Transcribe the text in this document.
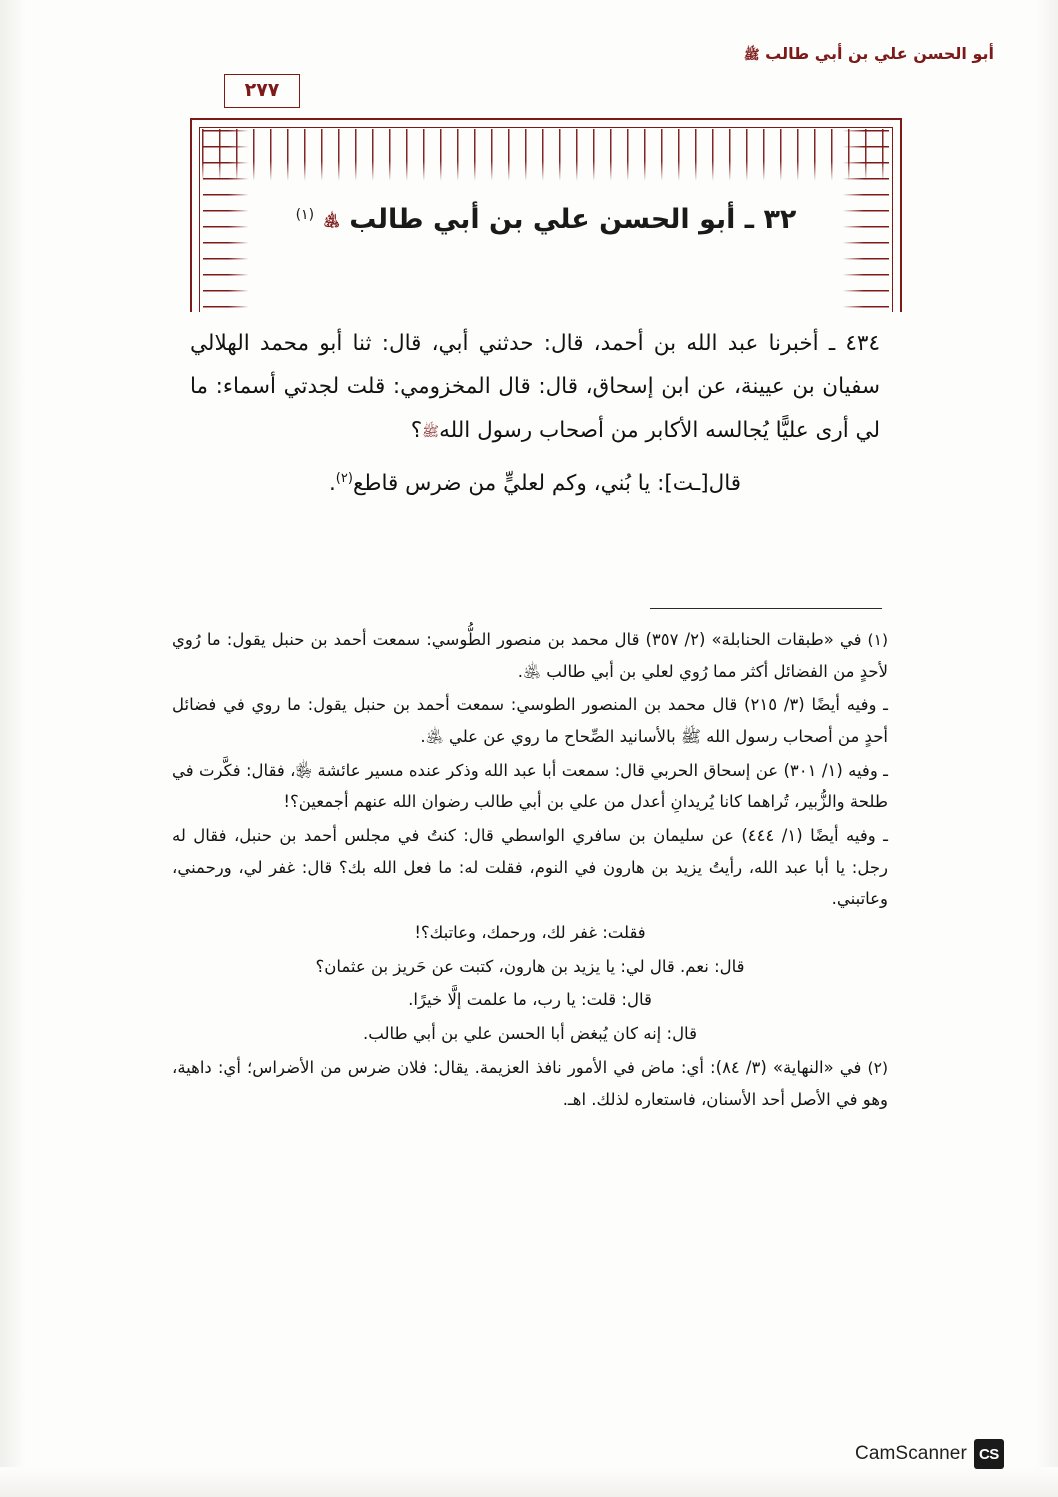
أبو الحسن علي بن أبي طالب ﷺ
٢٧٧
٣٢ ـ أبو الحسن علي بن أبي طالب ﵁ $^{(١)}$

٤٣٤ ـ أخبرنا عبد الله بن أحمد، قال: حدثني أبي، قال: ثنا أبو محمد الهلالي سفيان بن عيينة، عن ابن إسحاق، قال: قال المخزومي: قلت لجدتي أسماء: ما لي أرى عليًّا يُجالسه الأكابر من أصحاب رسول اللهﷺ؟

قال[ـت]: يا بُني، وكم لعليٍّ من ضرس قاطع$^{(٢)}$.

(١) في «طبقات الحنابلة» (٢/ ٣٥٧) قال محمد بن منصور الطُّوسي: سمعت أحمد بن حنبل يقول: ما رُوي لأحدٍ من الفضائل أكثر مما رُوي لعلي بن أبي طالب ﵁.
ـ وفيه أيضًا (٣/ ٢١٥) قال محمد بن المنصور الطوسي: سمعت أحمد بن حنبل يقول: ما روي في فضائل أحدٍ من أصحاب رسول الله ﷺ بالأسانيد الصِّحاح ما روي عن علي ﵁.
ـ وفيه (١/ ٣٠١) عن إسحاق الحربي قال: سمعت أبا عبد الله وذكر عنده مسير عائشة ﵂، فقال: فكَّرت في طلحة والزُّبير، تُراهما كانا يُريدانِ أعدل من علي بن أبي طالب رضوان الله عنهم أجمعين؟!
ـ وفيه أيضًا (١/ ٤٤٤) عن سليمان بن سافري الواسطي قال: كنتُ في مجلس أحمد بن حنبل، فقال له رجل: يا أبا عبد الله، رأيتُ يزيد بن هارون في النوم، فقلت له: ما فعل الله بك؟ قال: غفر لي، ورحمني، وعاتبني.
فقلت: غفر لك، ورحمك، وعاتبك؟!
قال: نعم. قال لي: يا يزيد بن هارون، كتبت عن حَريز بن عثمان؟
قال: قلت: يا رب، ما علمت إلَّا خيرًا.
قال: إنه كان يُبغض أبا الحسن علي بن أبي طالب.
(٢) في «النهاية» (٣/ ٨٤): أي: ماض في الأمور نافذ العزيمة. يقال: فلان ضرس من الأضراس؛ أي: داهية، وهو في الأصل أحد الأسنان، فاستعاره لذلك. اهـ.
CS
CamScanner
